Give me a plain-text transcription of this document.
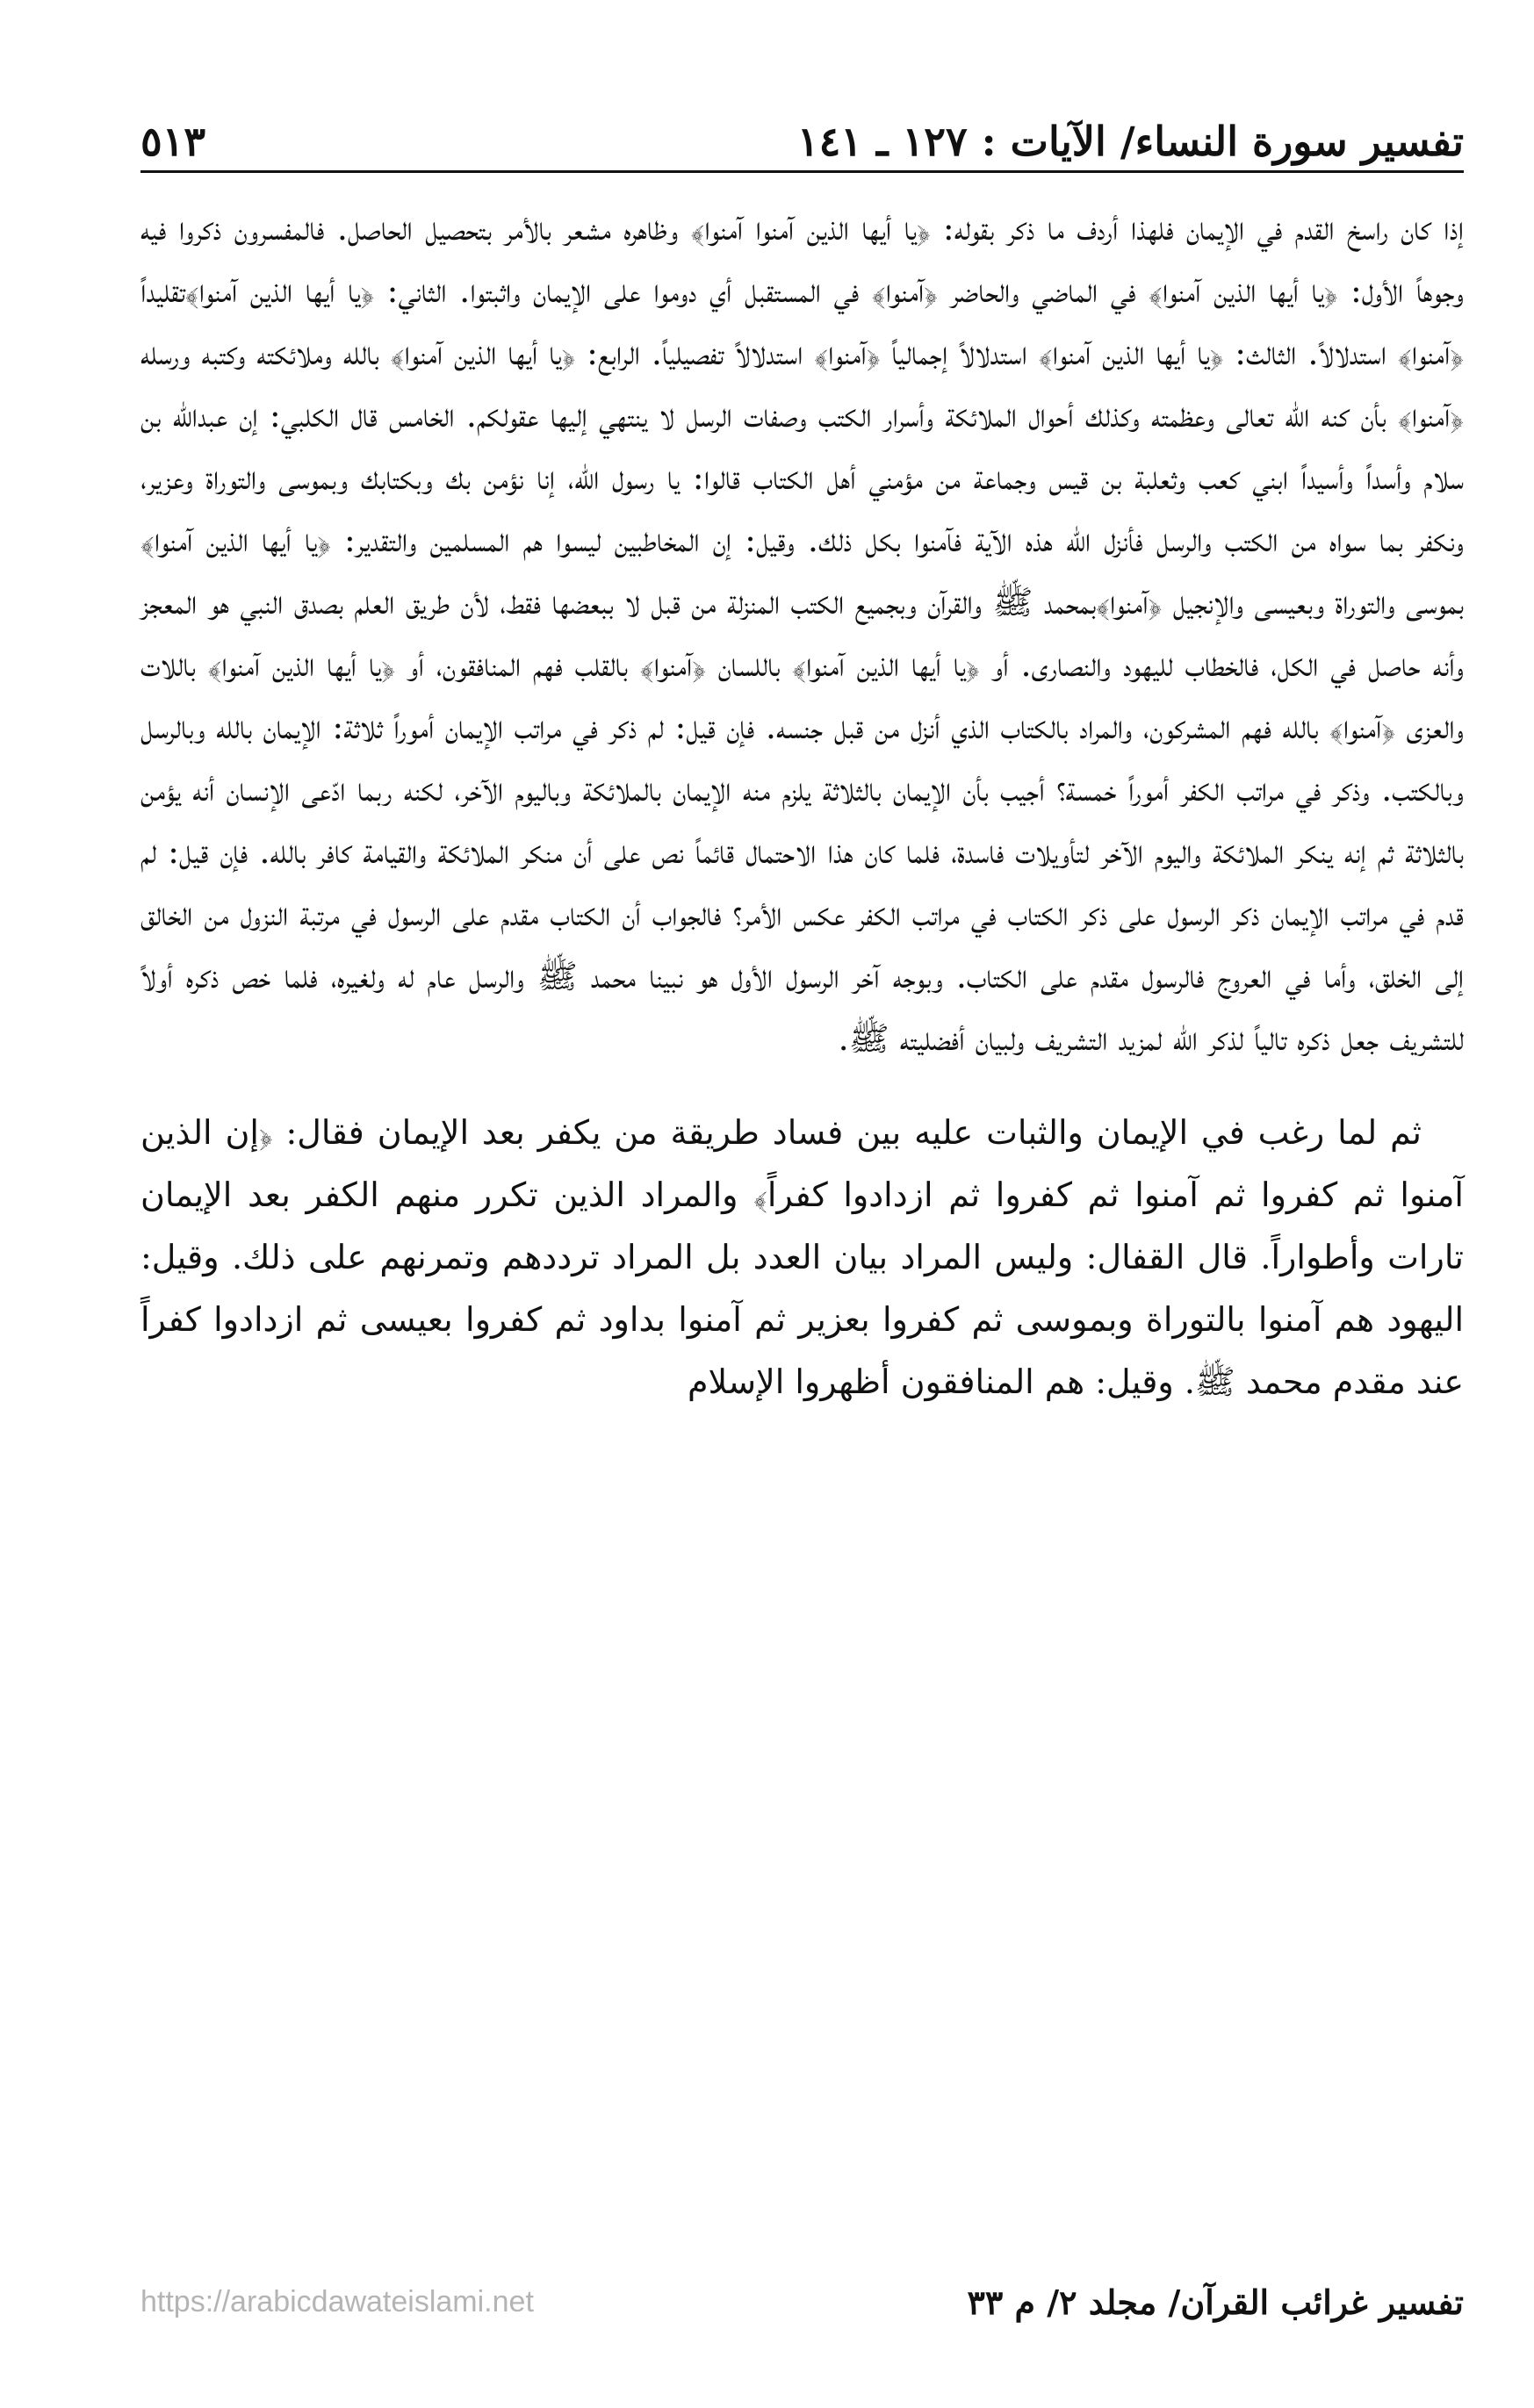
تفسير سورة النساء/ الآيات : ١٢٧ ـ ١٤١
٥١٣

إذا كان راسخ القدم في الإيمان فلهذا أردف ما ذكر بقوله: ﴿يا أيها الذين آمنوا آمنوا﴾ وظاهره مشعر بالأمر بتحصيل الحاصل. فالمفسرون ذكروا فيه وجوهاً الأول: ﴿يا أيها الذين آمنوا﴾ في الماضي والحاضر ﴿آمنوا﴾ في المستقبل أي دوموا على الإيمان واثبتوا. الثاني: ﴿يا أيها الذين آمنوا﴾تقليداً ﴿آمنوا﴾ استدلالاً. الثالث: ﴿يا أيها الذين آمنوا﴾ استدلالاً إجمالياً ﴿آمنوا﴾ استدلالاً تفصيلياً. الرابع: ﴿يا أيها الذين آمنوا﴾ بالله وملائكته وكتبه ورسله ﴿آمنوا﴾ بأن كنه الله تعالى وعظمته وكذلك أحوال الملائكة وأسرار الكتب وصفات الرسل لا ينتهي إليها عقولكم. الخامس قال الكلبي: إن عبدالله بن سلام وأسداً وأسيداً ابني كعب وثعلبة بن قيس وجماعة من مؤمني أهل الكتاب قالوا: يا رسول الله، إنا نؤمن بك وبكتابك وبموسى والتوراة وعزير، ونكفر بما سواه من الكتب والرسل فأنزل الله هذه الآية فآمنوا بكل ذلك. وقيل: إن المخاطبين ليسوا هم المسلمين والتقدير: ﴿يا أيها الذين آمنوا﴾ بموسى والتوراة وبعيسى والإنجيل ﴿آمنوا﴾بمحمد ﷺ والقرآن وبجميع الكتب المنزلة من قبل لا ببعضها فقط، لأن طريق العلم بصدق النبي هو المعجز وأنه حاصل في الكل، فالخطاب لليهود والنصارى. أو ﴿يا أيها الذين آمنوا﴾ باللسان ﴿آمنوا﴾ بالقلب فهم المنافقون، أو ﴿يا أيها الذين آمنوا﴾ باللات والعزى ﴿آمنوا﴾ بالله فهم المشركون، والمراد بالكتاب الذي أنزل من قبل جنسه. فإن قيل: لم ذكر في مراتب الإيمان أموراً ثلاثة: الإيمان بالله وبالرسل وبالكتب. وذكر في مراتب الكفر أموراً خمسة؟ أجيب بأن الإيمان بالثلاثة يلزم منه الإيمان بالملائكة وباليوم الآخر، لكنه ربما ادّعى الإنسان أنه يؤمن بالثلاثة ثم إنه ينكر الملائكة واليوم الآخر لتأويلات فاسدة، فلما كان هذا الاحتمال قائماً نص على أن منكر الملائكة والقيامة كافر بالله. فإن قيل: لم قدم في مراتب الإيمان ذكر الرسول على ذكر الكتاب في مراتب الكفر عكس الأمر؟ فالجواب أن الكتاب مقدم على الرسول في مرتبة النزول من الخالق إلى الخلق، وأما في العروج فالرسول مقدم على الكتاب. وبوجه آخر الرسول الأول هو نبينا محمد ﷺ والرسل عام له ولغيره، فلما خص ذكره أولاً للتشريف جعل ذكره تالياً لذكر الله لمزيد التشريف ولبيان أفضليته ﷺ.

ثم لما رغب في الإيمان والثبات عليه بين فساد طريقة من يكفر بعد الإيمان فقال: ﴿إن الذين آمنوا ثم كفروا ثم آمنوا ثم كفروا ثم ازدادوا كفراً﴾ والمراد الذين تكرر منهم الكفر بعد الإيمان تارات وأطواراً. قال القفال: وليس المراد بيان العدد بل المراد ترددهم وتمرنهم على ذلك. وقيل: اليهود هم آمنوا بالتوراة وبموسى ثم كفروا بعزير ثم آمنوا بداود ثم كفروا بعيسى ثم ازدادوا كفراً عند مقدم محمد ﷺ. وقيل: هم المنافقون أظهروا الإسلام

تفسير غرائب القرآن/ مجلد ٢/ م ٣٣
https://arabicdawateislami.net
